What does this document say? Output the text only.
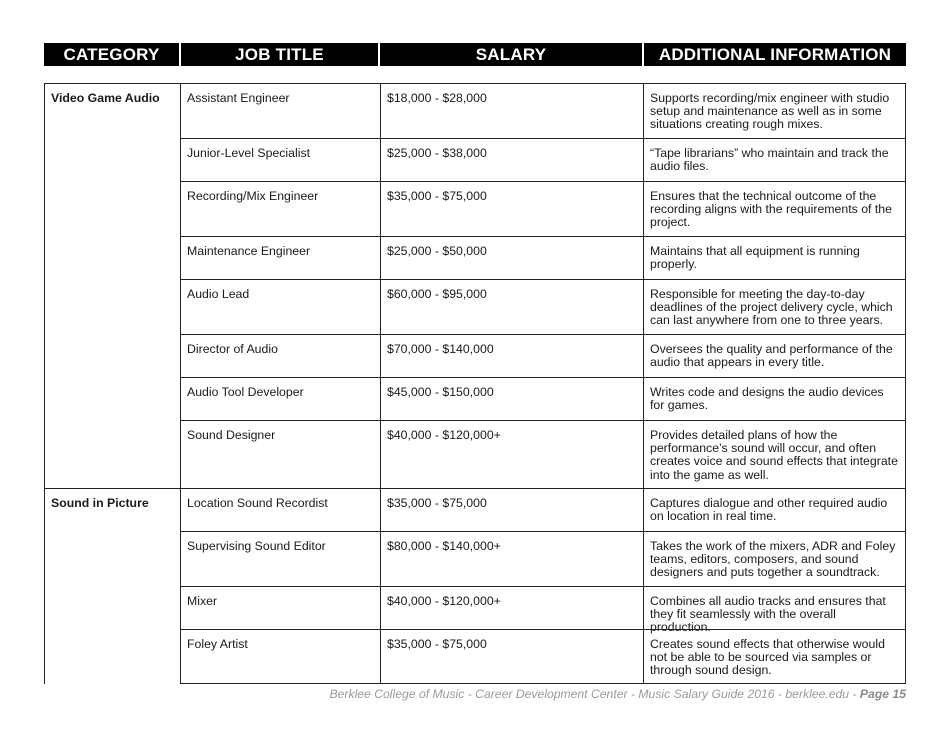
CATEGORY	JOB TITLE	SALARY	ADDITIONAL INFORMATION
Video Game Audio	Assistant Engineer	$18,000 - $28,000	Supports recording/mix engineer with studio setup and maintenance as well as in some situations creating rough mixes.
Junior-Level Specialist	$25,000 - $38,000	“Tape librarians” who maintain and track the audio files.
Recording/Mix Engineer	$35,000 - $75,000	Ensures that the technical outcome of the recording aligns with the requirements of the project.
Maintenance Engineer	$25,000 - $50,000	Maintains that all equipment is running properly.
Audio Lead	$60,000 - $95,000	Responsible for meeting the day-to-day deadlines of the project delivery cycle, which can last anywhere from one to three years.
Director of Audio	$70,000 - $140,000	Oversees the quality and performance of the audio that appears in every title.
Audio Tool Developer	$45,000 - $150,000	Writes code and designs the audio devices for games.
Sound Designer	$40,000 - $120,000+	Provides detailed plans of how the performance’s sound will occur, and often creates voice and sound effects that integrate into the game as well.
Sound in Picture	Location Sound Recordist	$35,000 - $75,000	Captures dialogue and other required audio on location in real time.
Supervising Sound Editor	$80,000 - $140,000+	Takes the work of the mixers, ADR and Foley teams, editors, composers, and sound designers and puts together a soundtrack.
Mixer	$40,000 - $120,000+	Combines all audio tracks and ensures that they fit seamlessly with the overall production.
Foley Artist	$35,000 - $75,000	Creates sound effects that otherwise would not be able to be sourced via samples or through sound design.
Berklee College of Music - Career Development Center - Music Salary Guide 2016 - berklee.edu - Page 15
